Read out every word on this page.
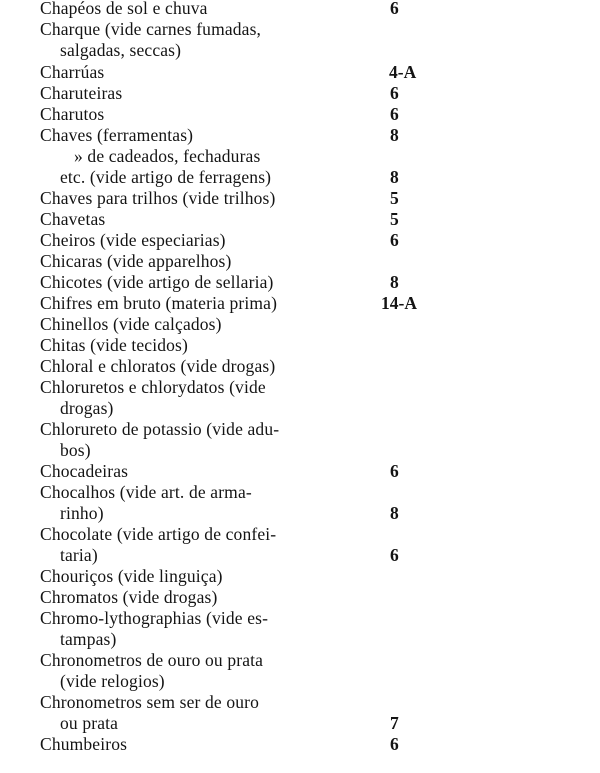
Chapéos de sol e chuva	6
Charque (vide carnes fumadas,
salgadas, seccas)
Charrúas	4-A
Charuteiras	6
Charutos	6
Chaves (ferramentas)	8
» de cadeados, fechaduras
etc. (vide artigo de ferragens)	8
Chaves para trilhos (vide trilhos)	5
Chavetas	5
Cheiros (vide especiarias)	6
Chicaras (vide apparelhos)
Chicotes (vide artigo de sellaria)	8
Chifres em bruto (materia prima)	14-A
Chinellos (vide calçados)
Chitas (vide tecidos)
Chloral e chloratos (vide drogas)
Chloruretos e chlorydatos (vide
drogas)
Chlorureto de potassio (vide adu-
bos)
Chocadeiras	6
Chocalhos (vide art. de arma-
rinho)	8
Chocolate (vide artigo de confei-
taria)	6
Chouriços (vide linguiça)
Chromatos (vide drogas)
Chromo-lythographias (vide es-
tampas)
Chronometros de ouro ou prata
(vide relogios)
Chronometros sem ser de ouro
ou prata	7
Chumbeiros	6
